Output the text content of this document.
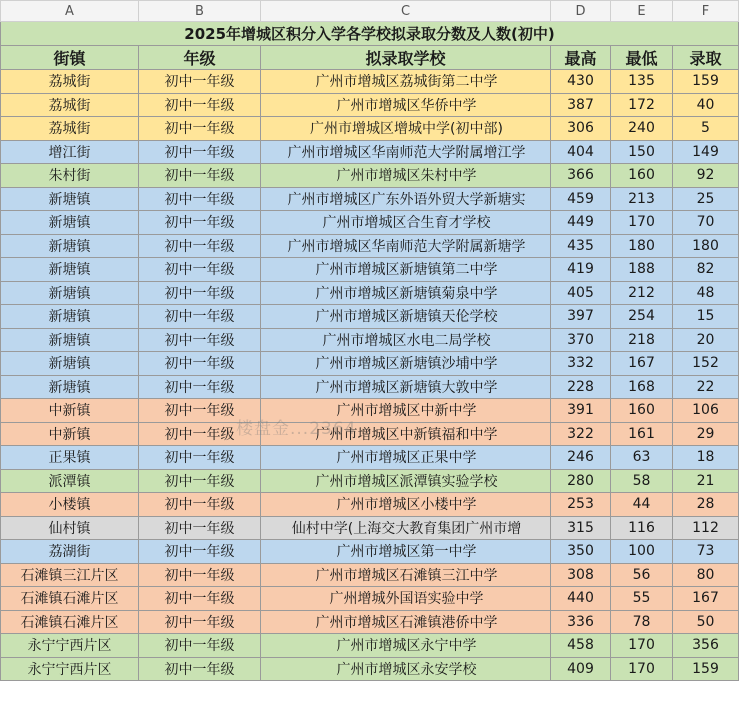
A	B	C	D	E	F
2025年增城区积分入学各学校拟录取分数及人数(初中)					
街镇	年级	拟录取学校	最高	最低	录取
荔城街	初中一年级	广州市增城区荔城街第二中学	430	135	159
荔城街	初中一年级	广州市增城区华侨中学	387	172	40
荔城街	初中一年级	广州市增城区增城中学(初中部)	306	240	5
增江街	初中一年级	广州市增城区华南师范大学附属增江学	404	150	149
朱村街	初中一年级	广州市增城区朱村中学	366	160	92
新塘镇	初中一年级	广州市增城区广东外语外贸大学新塘实	459	213	25
新塘镇	初中一年级	广州市增城区合生育才学校	449	170	70
新塘镇	初中一年级	广州市增城区华南师范大学附属新塘学	435	180	180
新塘镇	初中一年级	广州市增城区新塘镇第二中学	419	188	82
新塘镇	初中一年级	广州市增城区新塘镇菊泉中学	405	212	48
新塘镇	初中一年级	广州市增城区新塘镇天伦学校	397	254	15
新塘镇	初中一年级	广州市增城区水电二局学校	370	218	20
新塘镇	初中一年级	广州市增城区新塘镇沙埔中学	332	167	152
新塘镇	初中一年级	广州市增城区新塘镇大敦中学	228	168	22
中新镇	初中一年级	广州市增城区中新中学	391	160	106
中新镇	初中一年级	广州市增城区中新镇福和中学	322	161	29
正果镇	初中一年级	广州市增城区正果中学	246	63	18
派潭镇	初中一年级	广州市增城区派潭镇实验学校	280	58	21
小楼镇	初中一年级	广州市增城区小楼中学	253	44	28
仙村镇	初中一年级	仙村中学(上海交大教育集团广州市增	315	116	112
荔湖街	初中一年级	广州市增城区第一中学	350	100	73
石滩镇三江片区	初中一年级	广州市增城区石滩镇三江中学	308	56	80
石滩镇石滩片区	初中一年级	广州增城外国语实验中学	440	55	167
石滩镇石滩片区	初中一年级	广州市增城区石滩镇港侨中学	336	78	50
永宁宁西片区	初中一年级	广州市增城区永宁中学	458	170	356
永宁宁西片区	初中一年级	广州市增城区永安学校	409	170	159
楼盘金...2364
